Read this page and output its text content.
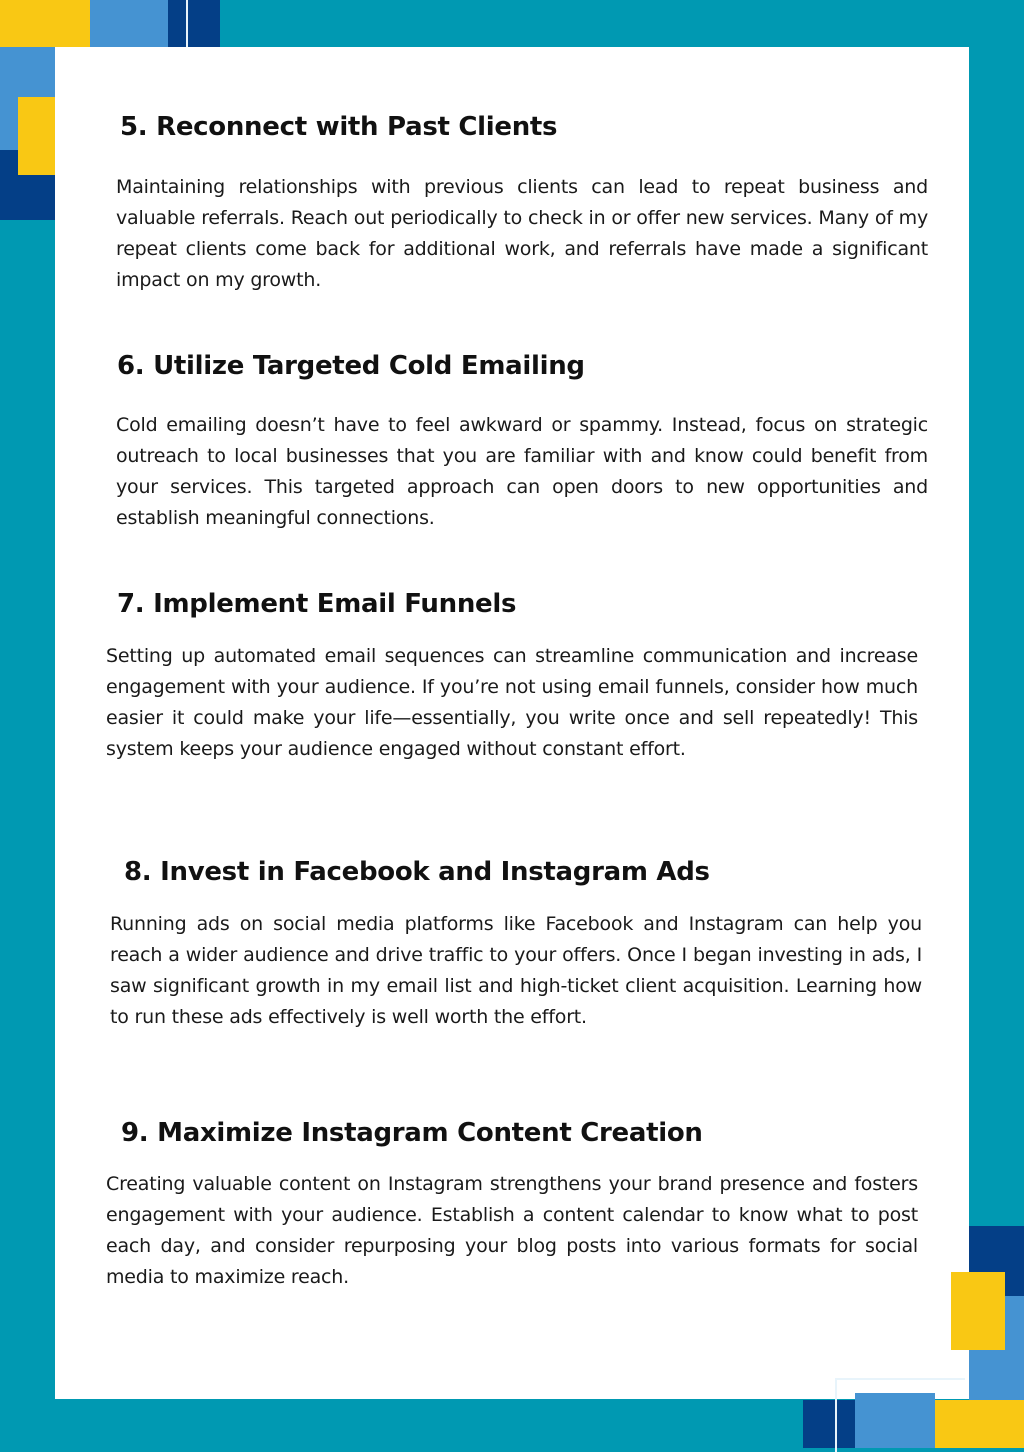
5. Reconnect with Past Clients

Maintaining relationships with previous clients can lead to repeat business and valuable referrals. Reach out periodically to check in or offer new services. Many of my repeat clients come back for additional work, and referrals have made a significant impact on my growth.

6. Utilize Targeted Cold Emailing

Cold emailing doesn’t have to feel awkward or spammy. Instead, focus on strategic outreach to local businesses that you are familiar with and know could benefit from your services. This targeted approach can open doors to new opportunities and establish meaningful connections.

7. Implement Email Funnels

Setting up automated email sequences can streamline communication and increase engagement with your audience. If you’re not using email funnels, consider how much easier it could make your life—essentially, you write once and sell repeatedly! This system keeps your audience engaged without constant effort.

8. Invest in Facebook and Instagram Ads

Running ads on social media platforms like Facebook and Instagram can help you reach a wider audience and drive traffic to your offers. Once I began investing in ads, I saw significant growth in my email list and high-ticket client acquisition. Learning how to run these ads effectively is well worth the effort.

9. Maximize Instagram Content Creation

Creating valuable content on Instagram strengthens your brand presence and fosters engagement with your audience. Establish a content calendar to know what to post each day, and consider repurposing your blog posts into various formats for social media to maximize reach.
